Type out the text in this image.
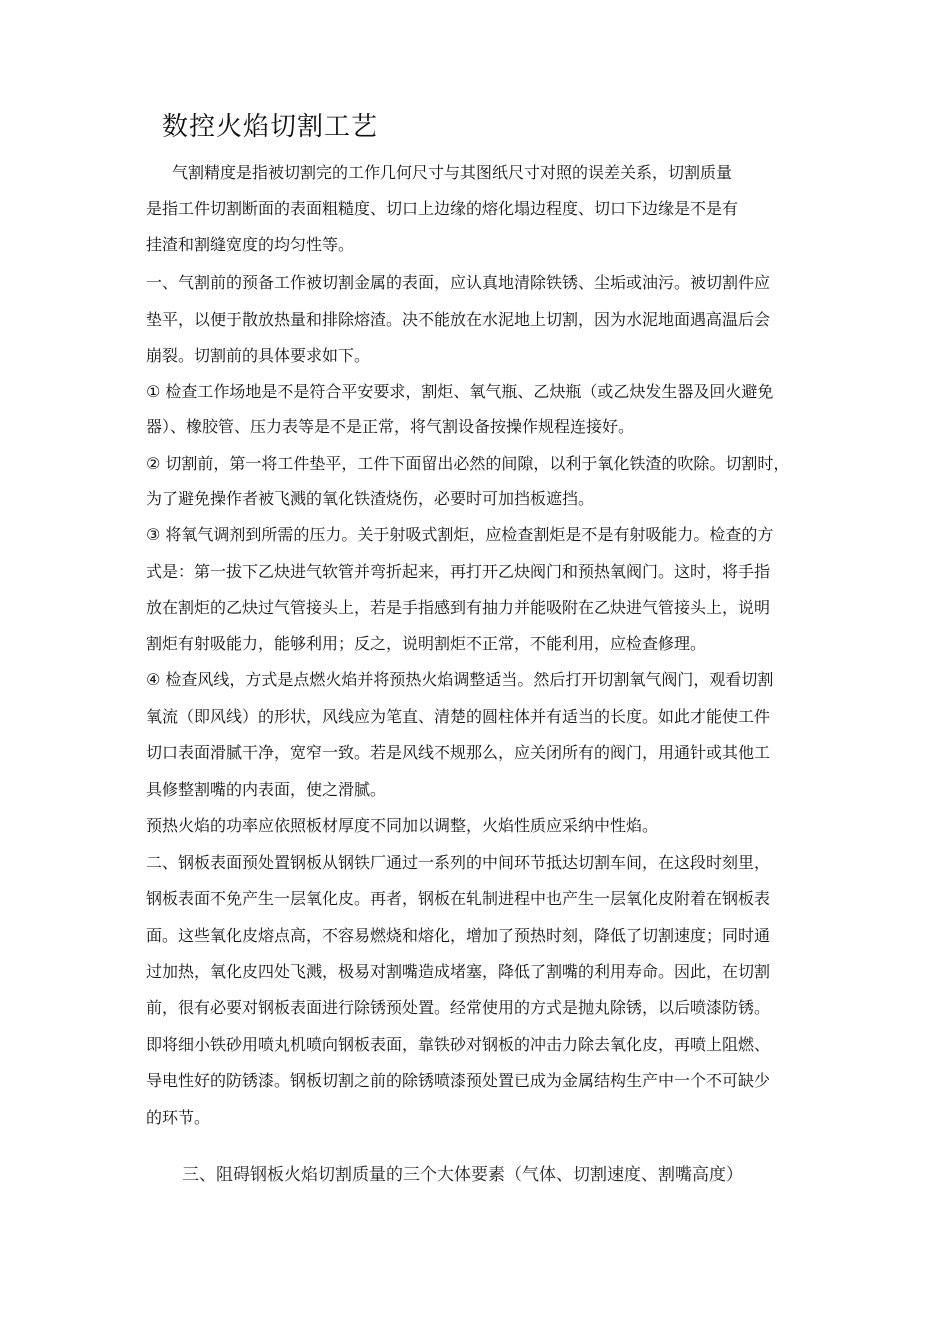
数控火焰切割工艺
气割精度是指被切割完的工作几何尺寸与其图纸尺寸对照的误差关系，切割质量
是指工件切割断面的表面粗糙度、切口上边缘的熔化塌边程度、切口下边缘是不是有
挂渣和割缝宽度的均匀性等。
一、气割前的预备工作被切割金属的表面，应认真地清除铁锈、尘垢或油污。被切割件应
垫平，以便于散放热量和排除熔渣。决不能放在水泥地上切割，因为水泥地面遇高温后会
崩裂。切割前的具体要求如下。
① 检查工作场地是不是符合平安要求，割炬、氧气瓶、乙炔瓶（或乙炔发生器及回火避免
器）、橡胶管、压力表等是不是正常，将气割设备按操作规程连接好。
② 切割前，第一将工件垫平，工件下面留出必然的间隙，以利于氧化铁渣的吹除。切割时，
为了避免操作者被飞溅的氧化铁渣烧伤，必要时可加挡板遮挡。
③ 将氧气调剂到所需的压力。关于射吸式割炬，应检查割炬是不是有射吸能力。检查的方
式是：第一拔下乙炔进气软管并弯折起来，再打开乙炔阀门和预热氧阀门。这时，将手指
放在割炬的乙炔过气管接头上，若是手指感到有抽力并能吸附在乙炔进气管接头上，说明
割炬有射吸能力，能够利用；反之，说明割炬不正常，不能利用，应检查修理。
④ 检查风线，方式是点燃火焰并将预热火焰调整适当。然后打开切割氧气阀门，观看切割
氧流（即风线）的形状，风线应为笔直、清楚的圆柱体并有适当的长度。如此才能使工件
切口表面滑腻干净，宽窄一致。若是风线不规那么，应关闭所有的阀门，用通针或其他工
具修整割嘴的内表面，使之滑腻。
预热火焰的功率应依照板材厚度不同加以调整，火焰性质应采纳中性焰。
二、钢板表面预处置钢板从钢铁厂通过一系列的中间环节抵达切割车间，在这段时刻里，
钢板表面不免产生一层氧化皮。再者，钢板在轧制进程中也产生一层氧化皮附着在钢板表
面。这些氧化皮熔点高，不容易燃烧和熔化，增加了预热时刻，降低了切割速度；同时通
过加热，氧化皮四处飞溅，极易对割嘴造成堵塞，降低了割嘴的利用寿命。因此，在切割
前，很有必要对钢板表面进行除锈预处置。经常使用的方式是抛丸除锈，以后喷漆防锈。
即将细小铁砂用喷丸机喷向钢板表面，靠铁砂对钢板的冲击力除去氧化皮，再喷上阻燃、
导电性好的防锈漆。钢板切割之前的除锈喷漆预处置已成为金属结构生产中一个不可缺少
的环节。
三、阻碍钢板火焰切割质量的三个大体要素（气体、切割速度、割嘴高度）
